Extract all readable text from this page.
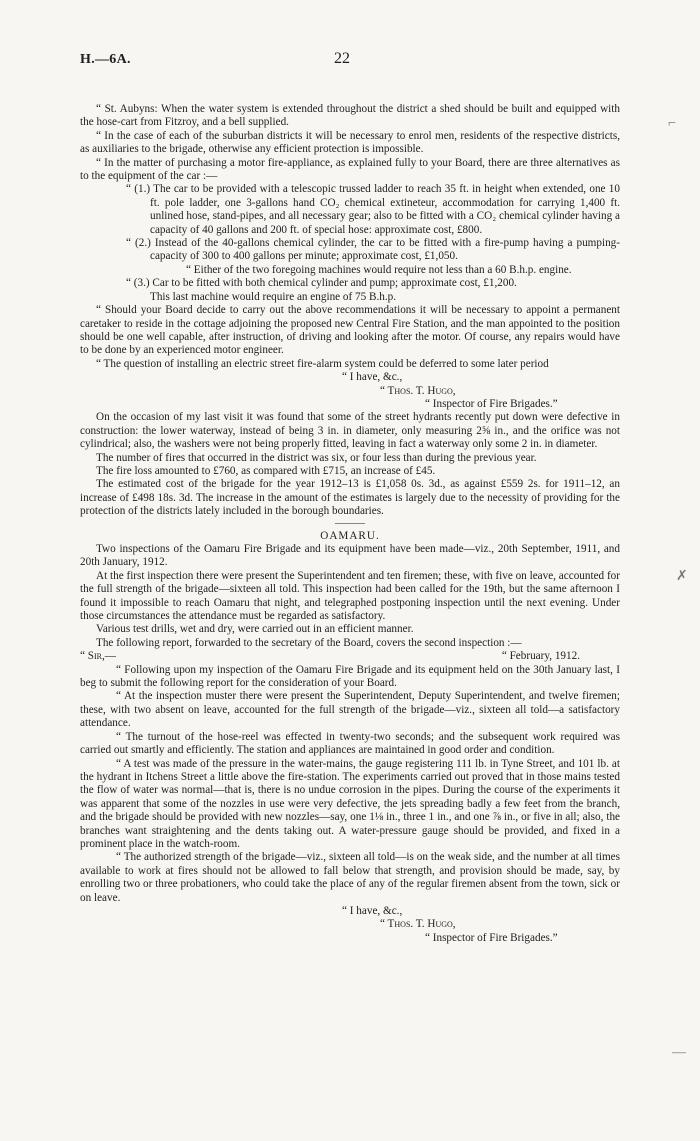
H.—6A.	22
⌐
✗
—

“ St. Aubyns: When the water system is extended throughout the district a shed should be built and equipped with the hose-cart from Fitzroy, and a bell supplied.

“ In the case of each of the suburban districts it will be necessary to enrol men, residents of the respective districts, as auxiliaries to the brigade, otherwise any efficient protection is impossible.

“ In the matter of purchasing a motor fire-appliance, as explained fully to your Board, there are three alternatives as to the equipment of the car :—

“ (1.) The car to be provided with a telescopic trussed ladder to reach 35 ft. in height when extended, one 10 ft. pole ladder, one 3-gallons hand CO₂ chemical extineteur, accommodation for carrying 1,400 ft. unlined hose, stand-pipes, and all necessary gear; also to be fitted with a CO₂ chemical cylinder having a capacity of 40 gallons and 200 ft. of special hose: approximate cost, £800.

“ (2.) Instead of the 40-gallons chemical cylinder, the car to be fitted with a fire-pump having a pumping-capacity of 300 to 400 gallons per minute; approximate cost, £1,050.

“ Either of the two foregoing machines would require not less than a 60 B.h.p. engine.

“ (3.) Car to be fitted with both chemical cylinder and pump; approximate cost, £1,200.

This last machine would require an engine of 75 B.h.p.

“ Should your Board decide to carry out the above recommendations it will be necessary to appoint a permanent caretaker to reside in the cottage adjoining the proposed new Central Fire Station, and the man appointed to the position should be one well capable, after instruction, of driving and looking after the motor. Of course, any repairs would have to be done by an experienced motor engineer.

“ The question of installing an electric street fire-alarm system could be deferred to some later period

“ I have, &c.,

“ Thos. T. Hugo,

“ Inspector of Fire Brigades.”

On the occasion of my last visit it was found that some of the street hydrants recently put down were defective in construction: the lower waterway, instead of being 3 in. in diameter, only measuring 2⅝ in., and the orifice was not cylindrical; also, the washers were not being properly fitted, leaving in fact a waterway only some 2 in. in diameter.

The number of fires that occurred in the district was six, or four less than during the previous year.

The fire loss amounted to £760, as compared with £715, an increase of £45.

The estimated cost of the brigade for the year 1912–13 is £1,058 0s. 3d., as against £559 2s. for 1911–12, an increase of £498 18s. 3d. The increase in the amount of the estimates is largely due to the necessity of providing for the protection of the districts lately included in the borough boundaries.

OAMARU.

Two inspections of the Oamaru Fire Brigade and its equipment have been made—viz., 20th September, 1911, and 20th January, 1912.

At the first inspection there were present the Superintendent and ten firemen; these, with five on leave, accounted for the full strength of the brigade—sixteen all told. This inspection had been called for the 19th, but the same afternoon I found it impossible to reach Oamaru that night, and telegraphed postponing inspection until the next evening. Under those circumstances the attendance must be regarded as satisfactory.

Various test drills, wet and dry, were carried out in an efficient manner.

The following report, forwarded to the secretary of the Board, covers the second inspection :—

“ Sir,—	“ February, 1912.

“ Following upon my inspection of the Oamaru Fire Brigade and its equipment held on the 30th January last, I beg to submit the following report for the consideration of your Board.

“ At the inspection muster there were present the Superintendent, Deputy Superintendent, and twelve firemen; these, with two absent on leave, accounted for the full strength of the brigade—viz., sixteen all told—a satisfactory attendance.

“ The turnout of the hose-reel was effected in twenty-two seconds; and the subsequent work required was carried out smartly and efficiently. The station and appliances are maintained in good order and condition.

“ A test was made of the pressure in the water-mains, the gauge registering 111 lb. in Tyne Street, and 101 lb. at the hydrant in Itchens Street a little above the fire-station. The experiments carried out proved that in those mains tested the flow of water was normal—that is, there is no undue corrosion in the pipes. During the course of the experiments it was apparent that some of the nozzles in use were very defective, the jets spreading badly a few feet from the branch, and the brigade should be provided with new nozzles—say, one 1⅛ in., three 1 in., and one ⅞ in., or five in all; also, the branches want straightening and the dents taking out. A water-pressure gauge should be provided, and fixed in a prominent place in the watch-room.

“ The authorized strength of the brigade—viz., sixteen all told—is on the weak side, and the number at all times available to work at fires should not be allowed to fall below that strength, and provision should be made, say, by enrolling two or three probationers, who could take the place of any of the regular firemen absent from the town, sick or on leave.

“ I have, &c.,

“ Thos. T. Hugo,

“ Inspector of Fire Brigades.”
